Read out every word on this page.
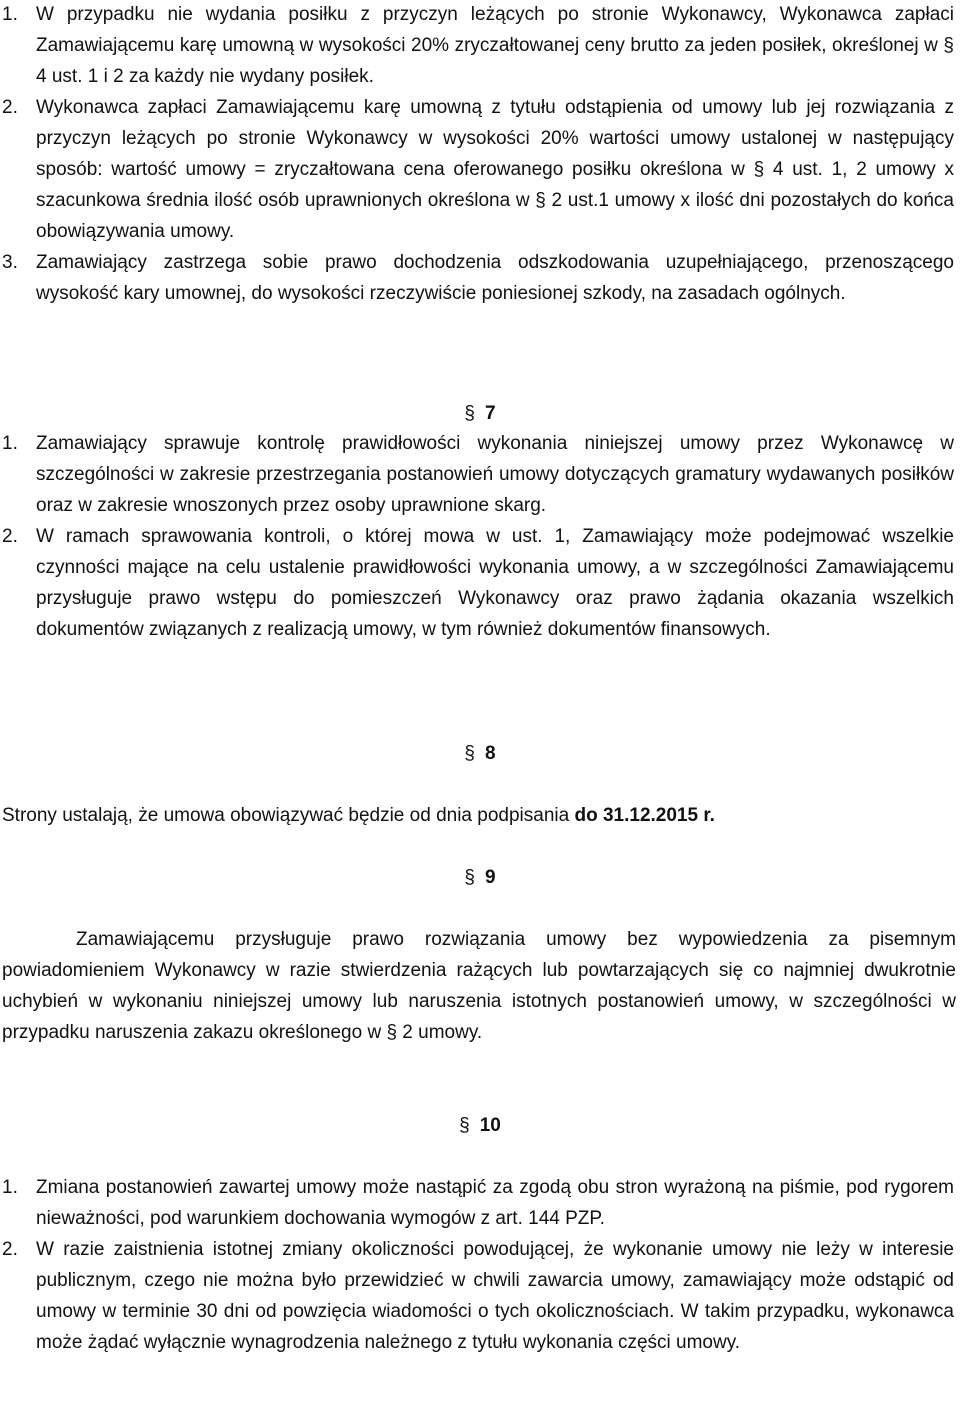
1. W przypadku nie wydania posiłku z przyczyn leżących po stronie Wykonawcy, Wykonawca zapłaci Zamawiającemu karę umowną w wysokości 20% zryczałtowanej ceny brutto za jeden posiłek, określonej w § 4 ust. 1 i 2 za każdy nie wydany posiłek.
2. Wykonawca zapłaci Zamawiającemu karę umowną z tytułu odstąpienia od umowy lub jej rozwiązania z przyczyn leżących po stronie Wykonawcy w wysokości 20% wartości umowy ustalonej w następujący sposób: wartość umowy = zryczałtowana cena oferowanego posiłku określona w § 4 ust. 1, 2 umowy x szacunkowa średnia ilość osób uprawnionych określona w § 2 ust.1 umowy x ilość dni pozostałych do końca obowiązywania umowy.
3. Zamawiający zastrzega sobie prawo dochodzenia odszkodowania uzupełniającego, przenoszącego wysokość kary umownej, do wysokości rzeczywiście poniesionej szkody, na zasadach ogólnych.
§ 7
1. Zamawiający sprawuje kontrolę prawidłowości wykonania niniejszej umowy przez Wykonawcę w szczególności w zakresie przestrzegania postanowień umowy dotyczących gramatury wydawanych posiłków oraz w zakresie wnoszonych przez osoby uprawnione skarg.
2. W ramach sprawowania kontroli, o której mowa w ust. 1, Zamawiający może podejmować wszelkie czynności mające na celu ustalenie prawidłowości wykonania umowy, a w szczególności Zamawiającemu przysługuje prawo wstępu do pomieszczeń Wykonawcy oraz prawo żądania okazania wszelkich dokumentów związanych z realizacją umowy, w tym również dokumentów finansowych.
§ 8

Strony ustalają, że umowa obowiązywać będzie od dnia podpisania do 31.12.2015 r.

§ 9

Zamawiającemu przysługuje prawo rozwiązania umowy bez wypowiedzenia za pisemnym powiadomieniem Wykonawcy w razie stwierdzenia rażących lub powtarzających się co najmniej dwukrotnie uchybień w wykonaniu niniejszej umowy lub naruszenia istotnych postanowień umowy, w szczególności w przypadku naruszenia zakazu określonego w § 2 umowy.

§ 10
1. Zmiana postanowień zawartej umowy może nastąpić za zgodą obu stron wyrażoną na piśmie, pod rygorem nieważności, pod warunkiem dochowania wymogów z art. 144 PZP.
2. W razie zaistnienia istotnej zmiany okoliczności powodującej, że wykonanie umowy nie leży w interesie publicznym, czego nie można było przewidzieć w chwili zawarcia umowy, zamawiający może odstąpić od umowy w terminie 30 dni od powzięcia wiadomości o tych okolicznościach. W takim przypadku, wykonawca może żądać wyłącznie wynagrodzenia należnego z tytułu wykonania części umowy.
